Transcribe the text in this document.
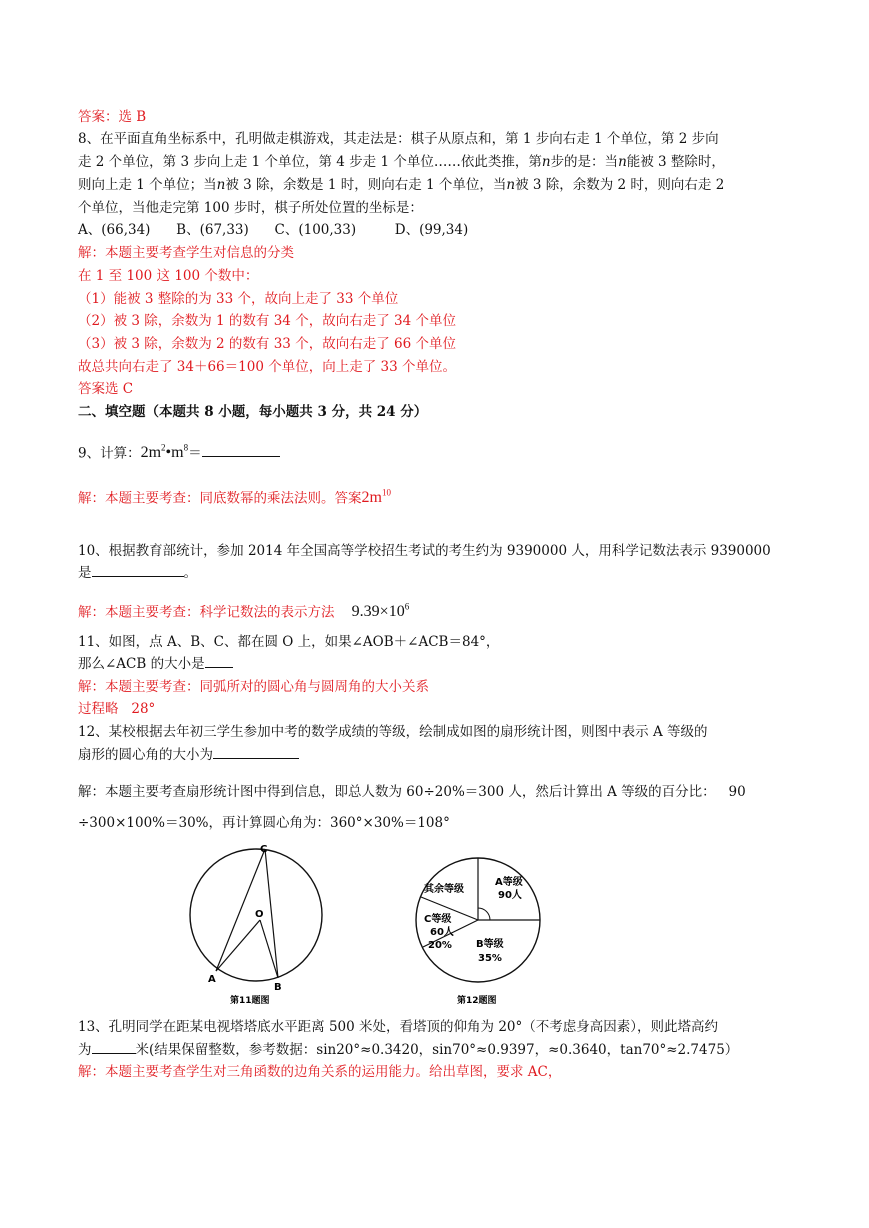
答案：选 B
8、在平面直角坐标系中，孔明做走棋游戏，其走法是：棋子从原点和，第 1 步向右走 1 个单位，第 2 步向
走 2 个单位，第 3 步向上走 1 个单位，第 4 步走 1 个单位……依此类推，第n步的是：当n能被 3 整除时，
则向上走 1 个单位；当n被 3 除，余数是 1 时，则向右走 1 个单位，当n被 3 除，余数为 2 时，则向右走 2
个单位，当他走完第 100 步时，棋子所处位置的坐标是：
A、(66,34)      B、(67,33)      C、(100,33)         D、(99,34)
解：本题主要考查学生对信息的分类
在 1 至 100 这 100 个数中：
（1）能被 3 整除的为 33 个，故向上走了 33 个单位
（2）被 3 除，余数为 1 的数有 34 个，故向右走了 34 个单位
（3）被 3 除，余数为 2 的数有 33 个，故向右走了 66 个单位
故总共向右走了 34＋66＝100 个单位，向上走了 33 个单位。
答案选 C
二、填空题（本题共 8 小题，每小题共 3 分，共 24 分）
9、计算：$2m^2•m^8=$
解：本题主要考查：同底数幂的乘法法则。答案$2m^{10}$
10、根据教育部统计，参加 2014 年全国高等学校招生考试的考生约为 9390000 人，用科学记数法表示 9390000
是	。
解：本题主要考查：科学记数法的表示方法 $9.39\times 10^6$
11、如图，点 A、B、C、都在圆 O 上，如果∠AOB＋∠ACB＝84°，
那么∠ACB 的大小是
解：本题主要考查：同弧所对的圆心角与圆周角的大小关系
过程略   28°
12、某校根据去年初三学生参加中考的数学成绩的等级，绘制成如图的扇形统计图，则图中表示 A 等级的
扇形的圆心角的大小为
解：本题主要考查扇形统计图中得到信息，即总人数为 60÷20%＝300 人，然后计算出 A 等级的百分比：   90
÷300×100%＝30%，再计算圆心角为：360°×30%＝108°
C
O
A
B
第11题图
其余等级
A等级
90人
C等级
60人
20% B等级
35%
第12题图
13、孔明同学在距某电视塔塔底水平距离 500 米处，看塔顶的仰角为 20°（不考虑身高因素），则此塔高约
为	米(结果保留整数，参考数据：sin20°≈0.3420，sin70°≈0.9397，≈0.3640，tan70°≈2.7475）
解：本题主要考查学生对三角函数的边角关系的运用能力。给出草图，要求 AC，
